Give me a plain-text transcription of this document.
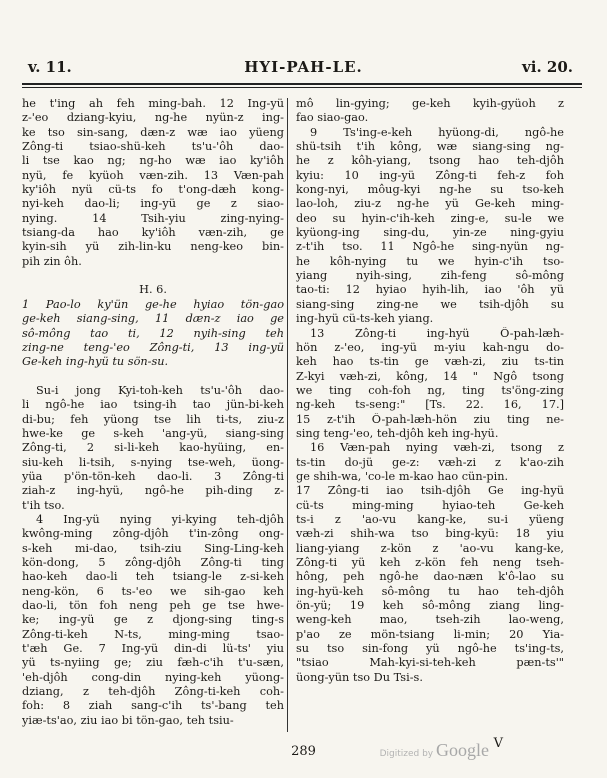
HYI-PAH-LE.
v. 11.	vi. 20.
he t'ing ah feh ming-bah. 12 Ing-yü
z-'eo dziang-kyiu, ng-he nyün-z ing-
ke tso sin-sang, dæn-z wæ iao yüeng
Zông-ti tsiao-shü-keh ts'u-'ôh dao-
li tse kao ng; ng-ho wæ iao ky'iôh
nyü, fe kyüoh væn-zih. 13 Væn-pah
ky'iôh nyü cü-ts fo t'ong-dæh kong-
nyi-keh dao-li; ing-yü ge z siao-
nying. 14 Tsih-yiu zing-nying-
tsiang-da hao ky'iôh væn-zih, ge
kyin-sih yü zih-lin-ku neng-keo bin-
pih zin ôh.
H. 6.
1 Pao-lo ky'ün ge-he hyiao tön-gao
ge-keh siang-sing, 11 dæn-z iao ge
sô-mông tao ti, 12 nyih-sing teh
zing-ne teng-'eo Zông-ti, 13 ing-yü
Ge-keh ing-hyü tu sön-su.
Su-i jong Kyi-toh-keh ts'u-'ôh dao-
li ngô-he iao tsing-ih tao jün-bi-keh
di-bu; feh yüong tse lih ti-ts, ziu-z
hwe-ke ge s-keh 'ang-yü, siang-sing
Zông-ti, 2 si-li-keh kao-hyüing, en-
siu-keh li-tsih, s-nying tse-weh, üong-
yüa p'ön-tön-keh dao-li. 3 Zông-ti
ziah-z ing-hyü, ngô-he pih-ding z-
t'ih tso.
4 Ing-yü nying yi-kying teh-djôh
kwông-ming zông-djôh t'in-zông ong-
s-keh mi-dao, tsih-ziu Sing-Ling-keh
kön-dong, 5 zông-djôh Zông-ti ting
hao-keh dao-li teh tsiang-le z-si-keh
neng-kön, 6 ts-'eo we sih-gao keh
dao-li, tön foh neng peh ge tse hwe-
ke; ing-yü ge z djong-sing ting-s
Zông-ti-keh N-ts, ming-ming tsao-
t'æh Ge. 7 Ing-yü din-di lü-ts' yiu
yü ts-nyiing ge; ziu fæh-c'ih t'u-sæn,
'eh-djôh cong-din nying-keh yüong-
dziang, z teh-djôh Zông-ti-keh coh-
foh: 8 ziah sang-c'ih ts'-bang teh
yiæ-ts'ao, ziu iao bi tön-gao, teh tsiu-
mô lin-gying; ge-keh kyih-gyüoh z
fao siao-gao.
9 Ts'ing-e-keh hyüong-di, ngô-he
shü-tsih t'ih kông, wæ siang-sing ng-
he z kôh-yiang, tsong hao teh-djôh
kyiu: 10 ing-yü Zông-ti feh-z foh
kong-nyi, môug-kyi ng-he su tso-keh
lao-loh, ziu-z ng-he yü Ge-keh ming-
deo su hyin-c'ih-keh zing-e, su-le we
kyüong-ing sing-du, yin-ze ning-gyiu
z-t'ih tso. 11 Ngô-he sing-nyün ng-
he kôh-nying tu we hyin-c'ih tso-
yiang nyih-sing, zih-feng sô-mông
tao-ti: 12 hyiao hyih-lih, iao 'ôh yü
siang-sing zing-ne we tsih-djôh su
ing-hyü cü-ts-keh yiang.
13 Zông-ti ing-hyü Ô-pah-læh-
hön z-'eo, ing-yü m-yiu kah-ngu do-
keh hao ts-tin ge væh-zi, ziu ts-tin
Z-kyi væh-zi, kông, 14 " Ngô tsong
we ting coh-foh ng, ting ts'öng-zing
ng-keh ts-seng:" [Ts. 22. 16, 17.]
15 z-t'ih Ô-pah-læh-hön ziu ting ne-
sing teng-'eo, teh-djôh keh ing-hyü.
16 Væn-pah nying væh-zi, tsong z
ts-tin do-jü ge-z: væh-zi z k'ao-zih
ge shih-wa, 'co-le m-kao hao cün-pin.
17 Zông-ti iao tsih-djôh Ge ing-hyü
cü-ts ming-ming hyiao-teh Ge-keh
ts-i z 'ao-vu kang-ke, su-i yüeng
væh-zi shih-wa tso bing-kyü: 18 yiu
liang-yiang z-kön z 'ao-vu kang-ke,
Zông-ti yü keh z-kön feh neng tseh-
hông, peh ngô-he dao-næn k'ô-lao su
ing-hyü-keh sô-mông tu hao teh-djôh
ön-yü; 19 keh sô-mông ziang ling-
weng-keh mao, tseh-zih lao-weng,
p'ao ze mön-tsiang li-min; 20 Yia-
su tso sin-fong yü ngô-he ts'ing-ts,
"tsiao Mah-kyi-si-teh-keh pæn-ts'"
üong-yün tso Du Tsi-s.
289	Digitized by Google V
